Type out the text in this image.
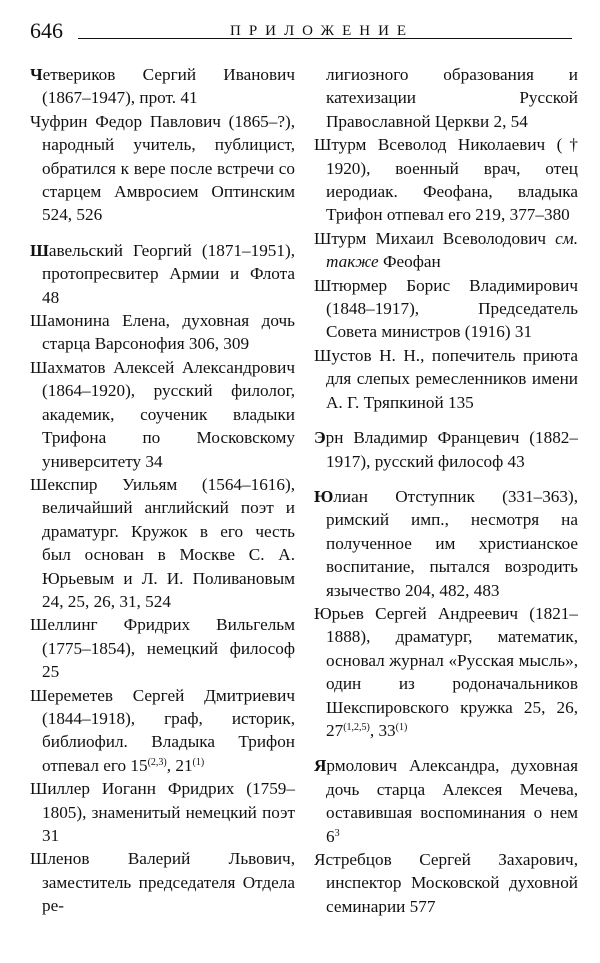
646	ПРИЛОЖЕНИЕ
Четвериков Сергий Иванович (1867–1947), прот. 41
Чуфрин Федор Павлович (1865–?), народный учитель, публицист, обратился к вере после встречи со старцем Амвросием Оптинским 524, 526
Шавельский Георгий (1871–1951), протопресвитер Армии и Флота 48
Шамонина Елена, духовная дочь старца Варсонофия 306, 309
Шахматов Алексей Александрович (1864–1920), русский филолог, академик, соученик владыки Трифона по Московскому университету 34
Шекспир Уильям (1564–1616), величайший английский поэт и драматург. Кружок в его честь был основан в Москве С. А. Юрьевым и Л. И. Поливановым 24, 25, 26, 31, 524
Шеллинг Фридрих Вильгельм (1775–1854), немецкий философ 25
Шереметев Сергей Дмитриевич (1844–1918), граф, историк, библиофил. Владыка Трифон отпевал его 15$^{(2,3)}$, 21$^{(1)}$
Шиллер Иоганн Фридрих (1759–1805), знаменитый немецкий поэт 31
Шленов Валерий Львович, заместитель председателя Отдела ре-
лигиозного образования и катехизации Русской Православной Церкви 2, 54
Штурм Всеволод Николаевич († 1920), военный врач, отец иеродиак. Феофана, владыка Трифон отпевал его 219, 377–380
Штурм Михаил Всеволодович см. также Феофан
Штюрмер Борис Владимирович (1848–1917), Председатель Совета министров (1916) 31
Шустов Н. Н., попечитель приюта для слепых ремесленников имени А. Г. Тряпкиной 135
Эрн Владимир Францевич (1882–1917), русский философ 43
Юлиан Отступник (331–363), римский имп., несмотря на полученное им христианское воспитание, пытался возродить язычество 204, 482, 483
Юрьев Сергей Андреевич (1821–1888), драматург, математик, основал журнал «Русская мысль», один из родоначальников Шекспировского кружка 25, 26, 27$^{(1,2,5)}$, 33$^{(1)}$
Ярмолович Александра, духовная дочь старца Алексея Мечева, оставившая воспоминания о нем $6^3$
Ястребцов Сергей Захарович, инспектор Московской духовной семинарии 577
